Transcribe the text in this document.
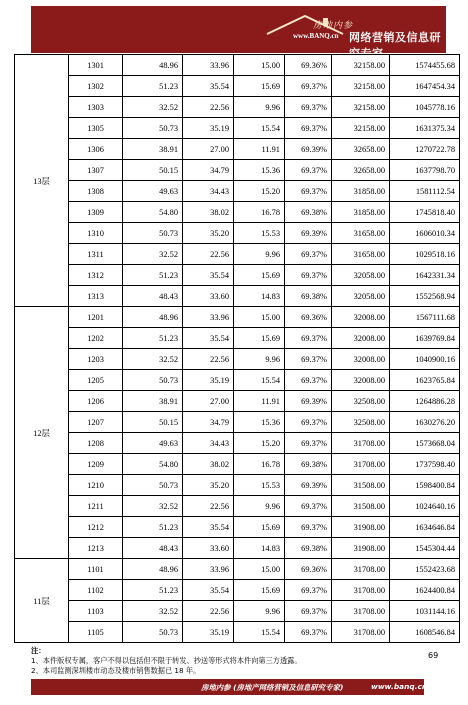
房地内参
www.BANQ.cn 网络营销及信息研究专家
13层	1301	48.96	33.96	15.00	69.36%	32158.00	1574455.68
	1302	51.23	35.54	15.69	69.37%	32158.00	1647454.34
	1303	32.52	22.56	9.96	69.37%	32158.00	1045778.16
	1305	50.73	35.19	15.54	69.37%	32158.00	1631375.34
	1306	38.91	27.00	11.91	69.39%	32658.00	1270722.78
	1307	50.15	34.79	15.36	69.37%	32658.00	1637798.70
	1308	49.63	34.43	15.20	69.37%	31858.00	1581112.54
	1309	54.80	38.02	16.78	69.38%	31858.00	1745818.40
	1310	50.73	35.20	15.53	69.39%	31658.00	1606010.34
	1311	32.52	22.56	9.96	69.37%	31658.00	1029518.16
	1312	51.23	35.54	15.69	69.37%	32058.00	1642331.34
	1313	48.43	33.60	14.83	69.38%	32058.00	1552568.94
12层	1201	48.96	33.96	15.00	69.36%	32008.00	1567111.68
	1202	51.23	35.54	15.69	69.37%	32008.00	1639769.84
	1203	32.52	22.56	9.96	69.37%	32008.00	1040900.16
	1205	50.73	35.19	15.54	69.37%	32008.00	1623765.84
	1206	38.91	27.00	11.91	69.39%	32508.00	1264886.28
	1207	50.15	34.79	15.36	69.37%	32508.00	1630276.20
	1208	49.63	34.43	15.20	69.37%	31708.00	1573668.04
	1209	54.80	38.02	16.78	69.38%	31708.00	1737598.40
	1210	50.73	35.20	15.53	69.39%	31508.00	1598400.84
	1211	32.52	22.56	9.96	69.37%	31508.00	1024640.16
	1212	51.23	35.54	15.69	69.37%	31908.00	1634646.84
	1213	48.43	33.60	14.83	69.38%	31908.00	1545304.44
11层	1101	48.96	33.96	15.00	69.36%	31708.00	1552423.68
	1102	51.23	35.54	15.69	69.37%	31708.00	1624400.84
	1103	32.52	22.56	9.96	69.37%	31708.00	1031144.16
	1105	50.73	35.19	15.54	69.37%	31708.00	1608546.84
注：
1、本件版权专属，客户不得以包括但不限于转发、抄送等形式将本件向第三方透露。
2、本司监测深圳楼市动态及楼市销售数据已 18 年。
69
房地内参 (房地产网络营销及信息研究专家)	www.banq.cn
